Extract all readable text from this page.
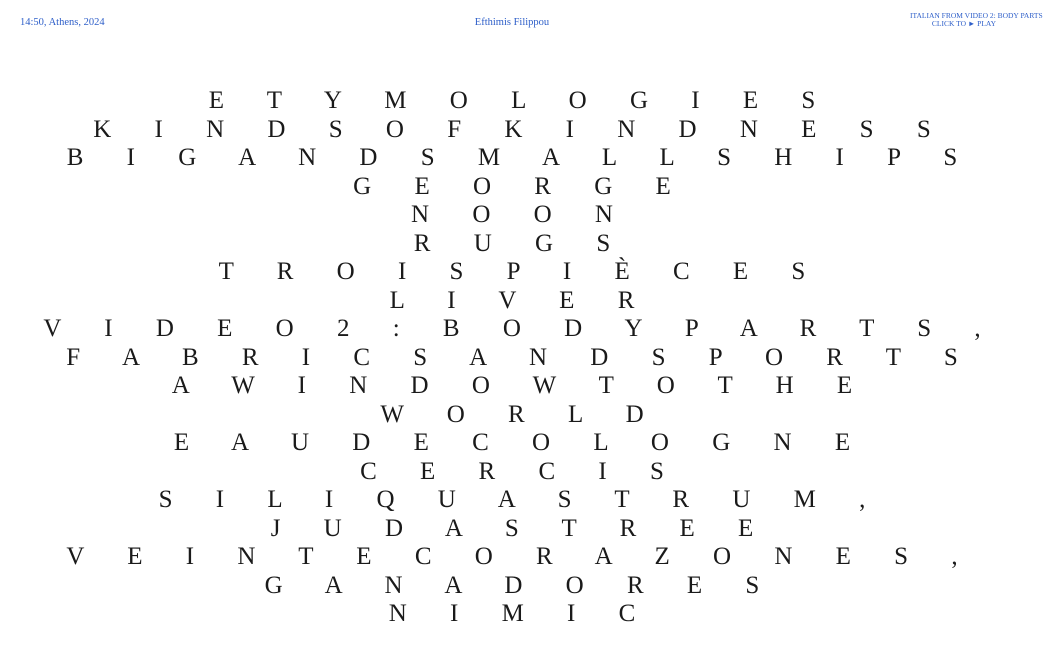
14:50, Athens, 2024	Efthimis Filippou
ITALIAN FROM VIDEO 2: BODY PARTS
CLICK TO ► PLAY
E T Y M O L O G I E S
K I N D S O F K I N D N E S S
B I G A N D S M A L L S H I P S
G E O R G E
N O O N
R U G S
T R O I S P I È C E S
L I V E R
V I D E O 2 : B O D Y P A R T S ,
F A B R I C S A N D S P O R T S
A W I N D O W T O T H E
W O R L D
E A U D E C O L O G N E
C E R C I S
S I L I Q U A S T R U M ,
J U D A S T R E E
V E I N T E C O R A Z O N E S ,
G A N A D O R E S
N I M I C
